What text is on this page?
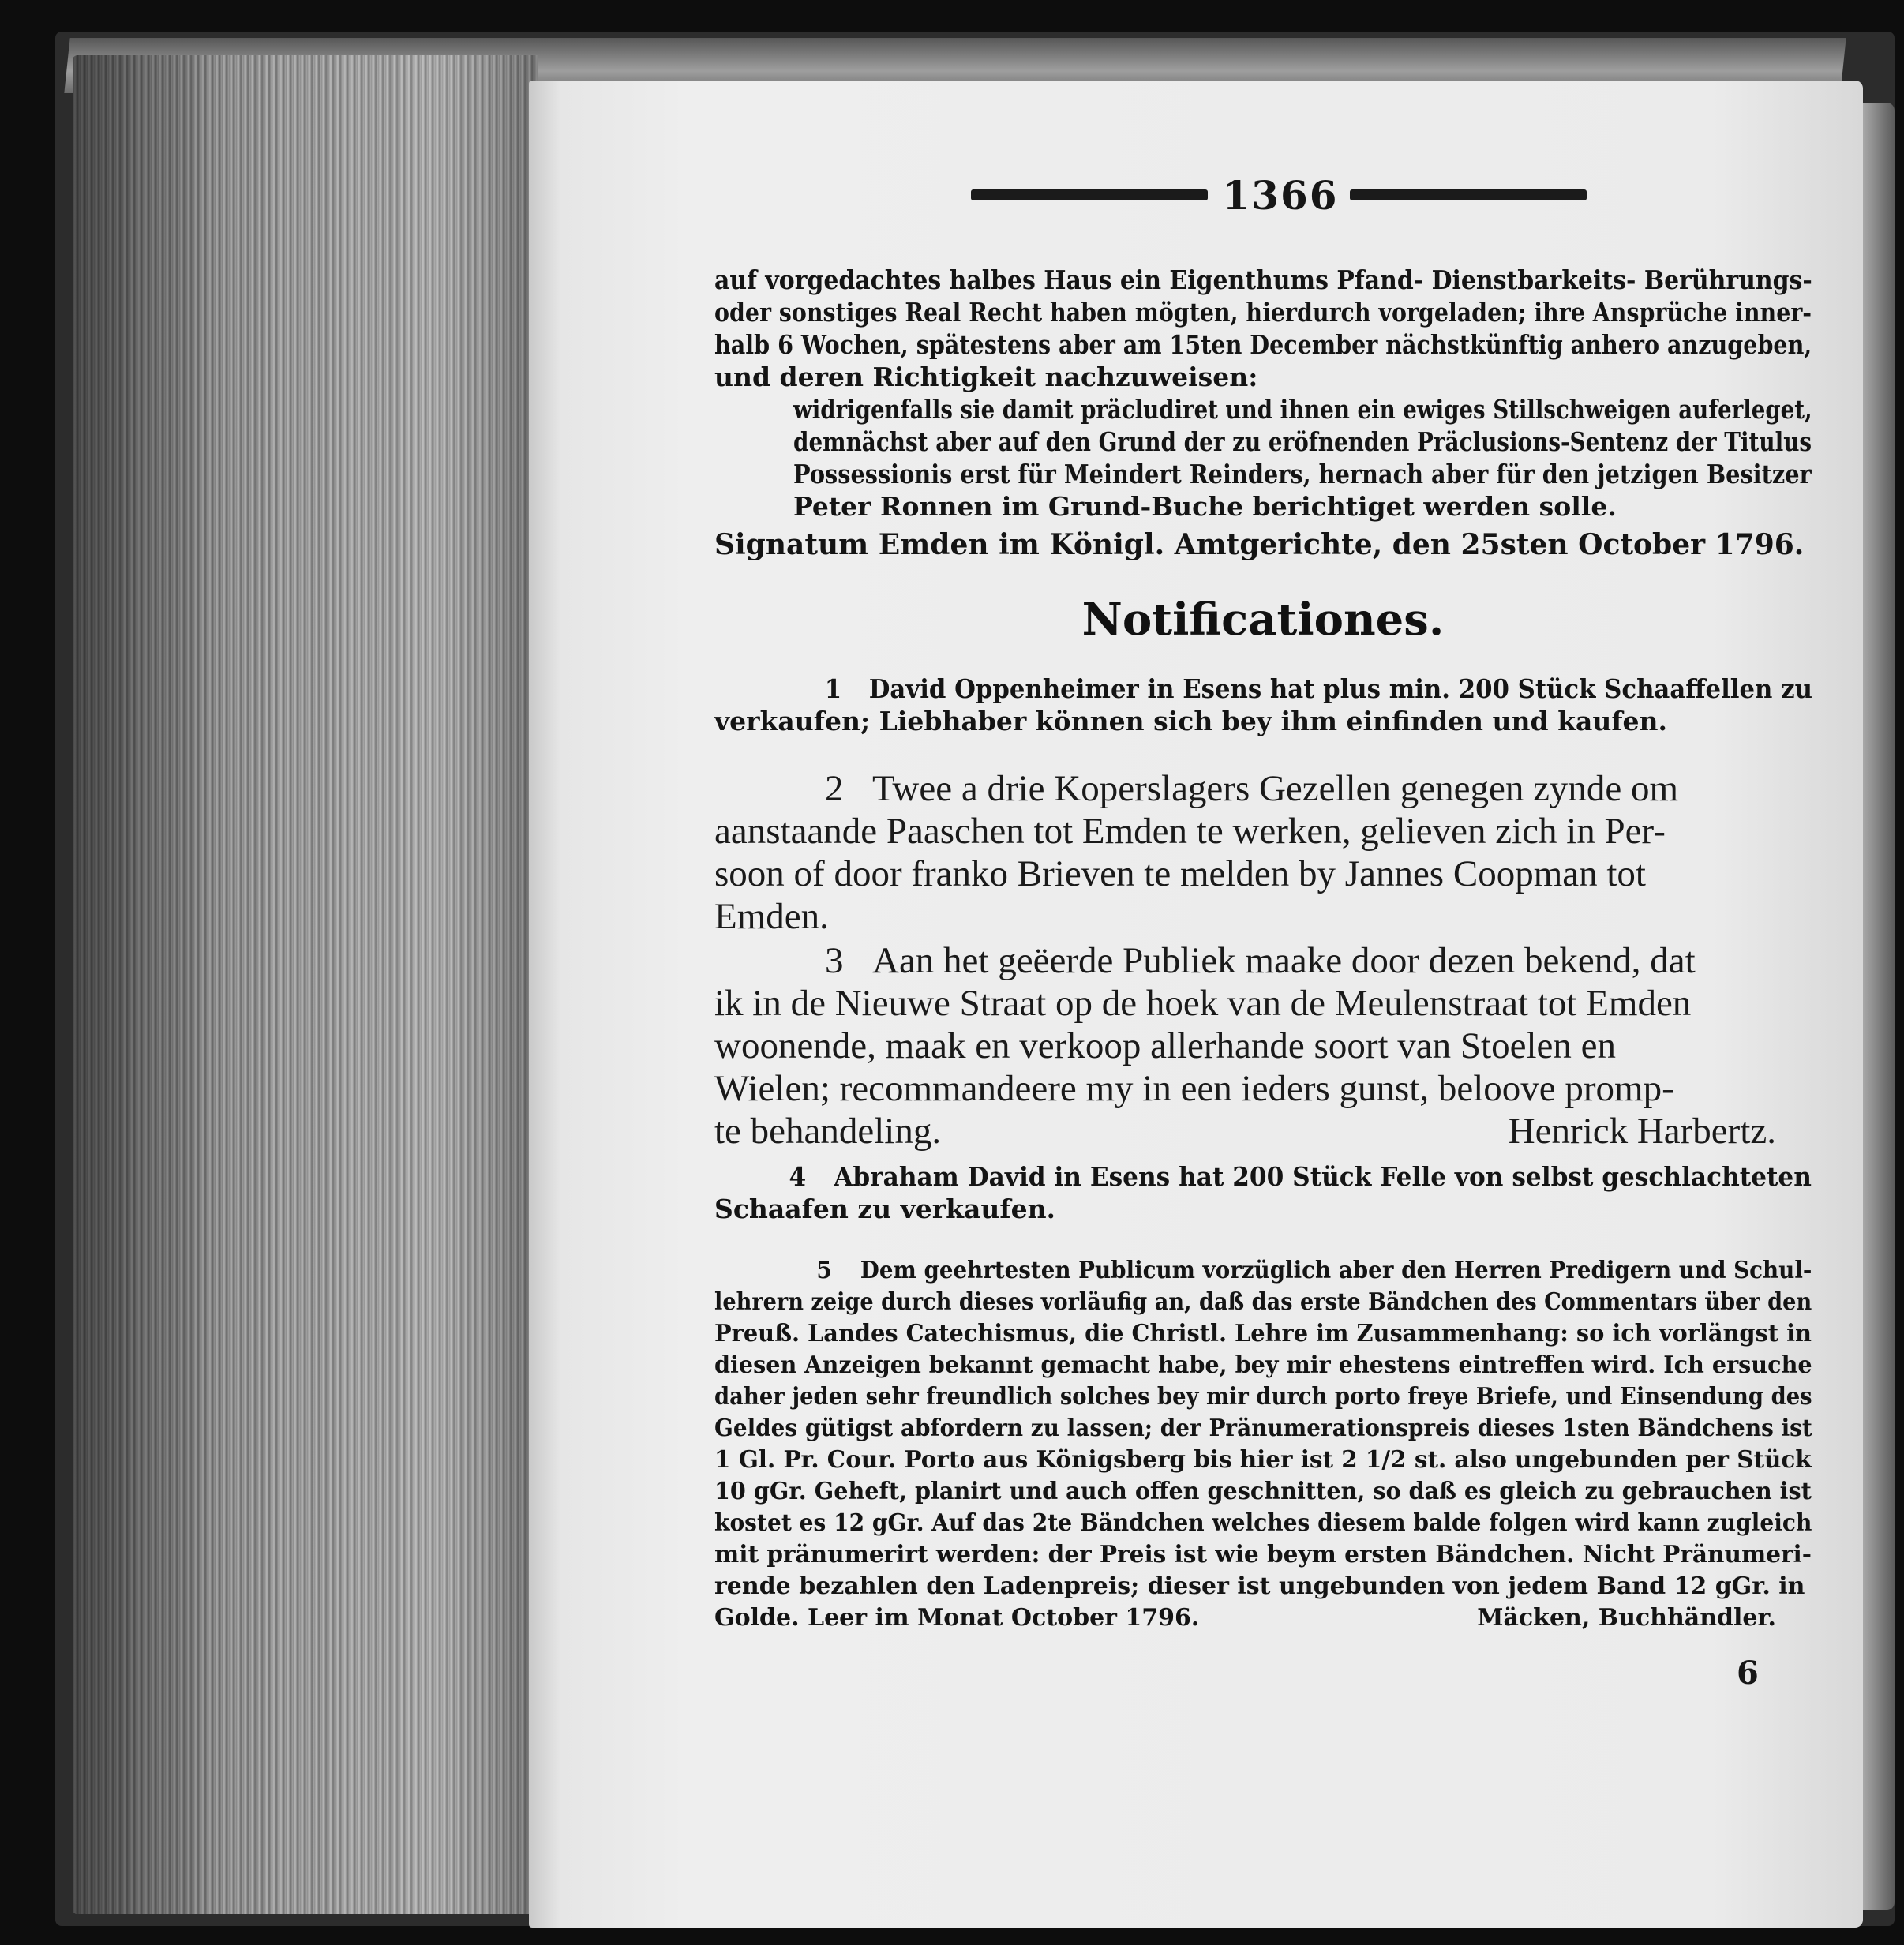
1366
auf vorgedachtes halbes Haus ein Eigenthums Pfand- Dienstbarkeits- Berührungs-
oder sonstiges Real Recht haben mögten, hierdurch vorgeladen; ihre Ansprüche inner-
halb 6 Wochen, spätestens aber am 15ten December nächstkünftig anhero anzugeben,
und deren Richtigkeit nachzuweisen:
widrigenfalls sie damit präcludiret und ihnen ein ewiges Stillschweigen auferleget,
demnächst aber auf den Grund der zu eröfnenden Präclusions-Sentenz der Titulus
Possessionis erst für Meindert Reinders, hernach aber für den jetzigen Besitzer
Peter Ronnen im Grund-Buche berichtiget werden solle.
Signatum Emden im Königl. Amtgerichte, den 25sten October 1796.
Notificationes.
1 David Oppenheimer in Esens hat plus min. 200 Stück Schaaffellen zu
verkaufen; Liebhaber können sich bey ihm einfinden und kaufen.
2 Twee a drie Koperslagers Gezellen genegen zynde om
aanstaande Paaschen tot Emden te werken, gelieven zich in Per-
soon of door franko Brieven te melden by Jannes Coopman tot
Emden.
3 Aan het geëerde Publiek maake door dezen bekend, dat
ik in de Nieuwe Straat op de hoek van de Meulenstraat tot Emden
woonende, maak en verkoop allerhande soort van Stoelen en
Wielen; recommandeere my in een ieders gunst, beloove promp-
te behandeling.	Henrick Harbertz.
4 Abraham David in Esens hat 200 Stück Felle von selbst geschlachteten
Schaafen zu verkaufen.
5 Dem geehrtesten Publicum vorzüglich aber den Herren Predigern und Schul-
lehrern zeige durch dieses vorläufig an, daß das erste Bändchen des Commentars über den
Preuß. Landes Catechismus, die Christl. Lehre im Zusammenhang: so ich vorlängst in
diesen Anzeigen bekannt gemacht habe, bey mir ehestens eintreffen wird. Ich ersuche
daher jeden sehr freundlich solches bey mir durch porto freye Briefe, und Einsendung des
Geldes gütigst abfordern zu lassen; der Pränumerationspreis dieses 1sten Bändchens ist
1 Gl. Pr. Cour. Porto aus Königsberg bis hier ist 2 1/2 st. also ungebunden per Stück
10 gGr. Geheft, planirt und auch offen geschnitten, so daß es gleich zu gebrauchen ist
kostet es 12 gGr. Auf das 2te Bändchen welches diesem balde folgen wird kann zugleich
mit pränumerirt werden: der Preis ist wie beym ersten Bändchen. Nicht Pränumeri-
rende bezahlen den Ladenpreis; dieser ist ungebunden von jedem Band 12 gGr. in
Golde. Leer im Monat October 1796.	Mäcken, Buchhändler.
6
